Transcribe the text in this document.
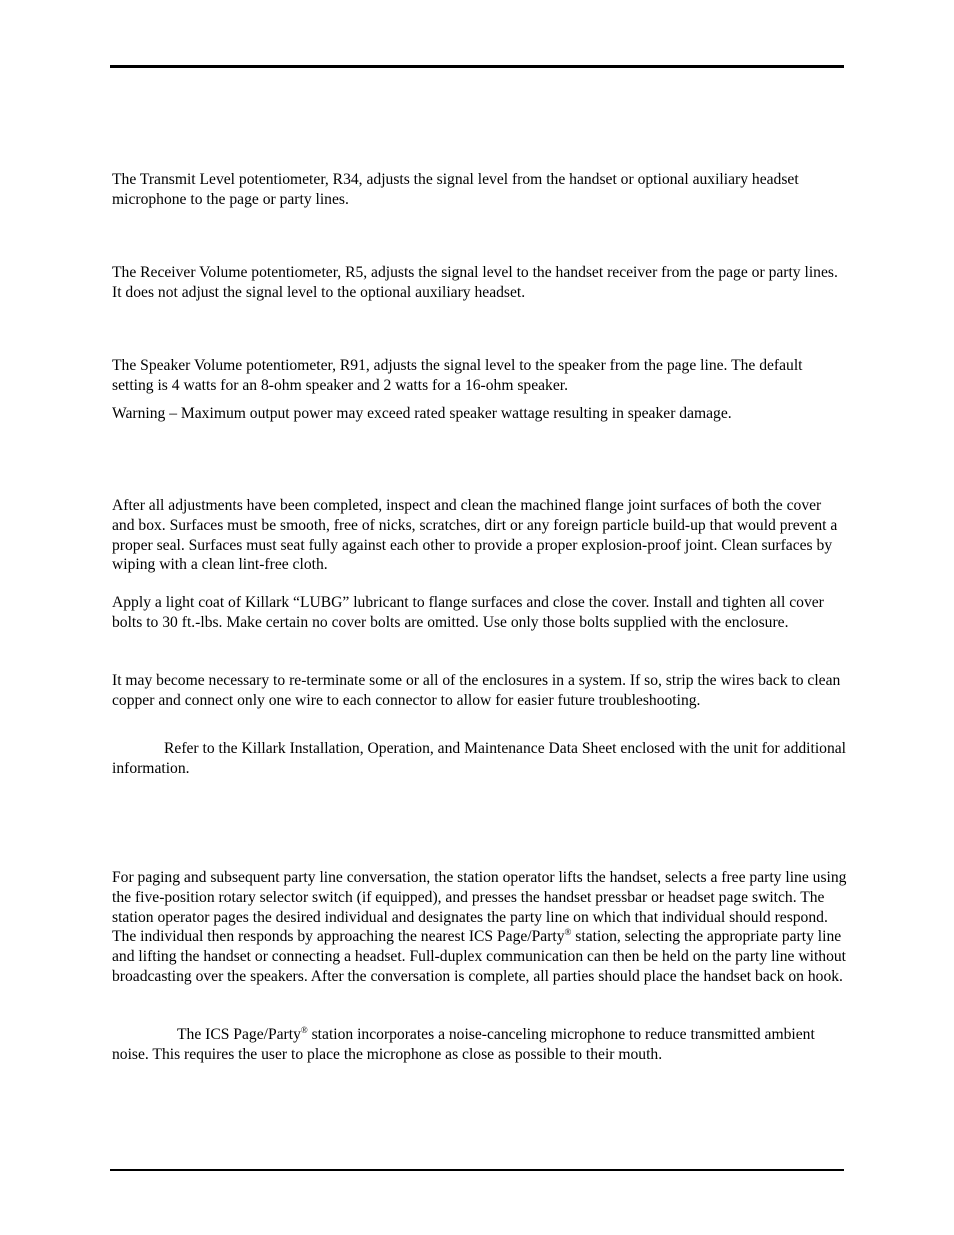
The Transmit Level potentiometer, R34, adjusts the signal level from the handset or optional auxiliary headset microphone to the page or party lines.

The Receiver Volume potentiometer, R5, adjusts the signal level to the handset receiver from the page or party lines. It does not adjust the signal level to the optional auxiliary headset.

The Speaker Volume potentiometer, R91, adjusts the signal level to the speaker from the page line. The default setting is 4 watts for an 8-ohm speaker and 2 watts for a 16-ohm speaker.

Warning – Maximum output power may exceed rated speaker wattage resulting in speaker damage.

After all adjustments have been completed, inspect and clean the machined flange joint surfaces of both the cover and box. Surfaces must be smooth, free of nicks, scratches, dirt or any foreign particle build-up that would prevent a proper seal. Surfaces must seat fully against each other to provide a proper explosion-proof joint. Clean surfaces by wiping with a clean lint-free cloth.

Apply a light coat of Killark “LUBG” lubricant to flange surfaces and close the cover. Install and tighten all cover bolts to 30 ft.-lbs. Make certain no cover bolts are omitted. Use only those bolts supplied with the enclosure.

It may become necessary to re-terminate some or all of the enclosures in a system. If so, strip the wires back to clean copper and connect only one wire to each connector to allow for easier future troubleshooting.

Refer to the Killark Installation, Operation, and Maintenance Data Sheet enclosed with the unit for additional information.

For paging and subsequent party line conversation, the station operator lifts the handset, selects a free party line using the five-position rotary selector switch (if equipped), and presses the handset pressbar or headset page switch. The station operator pages the desired individual and designates the party line on which that individual should respond. The individual then responds by approaching the nearest ICS Page/Party® station, selecting the appropriate party line and lifting the handset or connecting a headset. Full-duplex communication can then be held on the party line without broadcasting over the speakers. After the conversation is complete, all parties should place the handset back on hook.

The ICS Page/Party® station incorporates a noise-canceling microphone to reduce transmitted ambient noise. This requires the user to place the microphone as close as possible to their mouth.
